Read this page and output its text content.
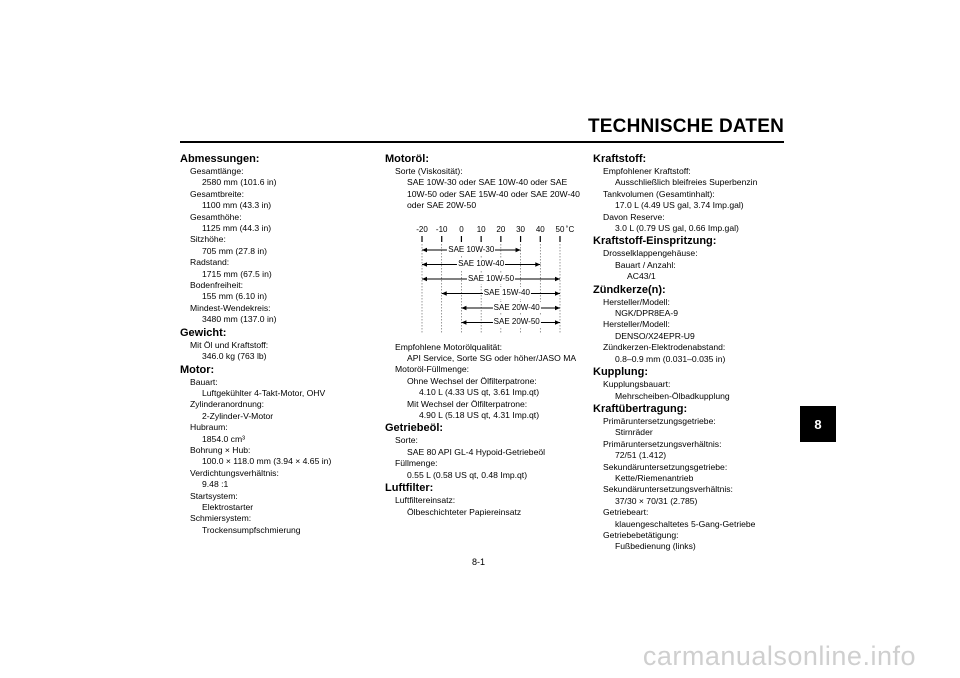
TECHNISCHE DATEN
Abmessungen:
Gesamtlänge:
2580 mm (101.6 in)
Gesamtbreite:
1100 mm (43.3 in)
Gesamthöhe:
1125 mm (44.3 in)
Sitzhöhe:
705 mm (27.8 in)
Radstand:
1715 mm (67.5 in)
Bodenfreiheit:
155 mm (6.10 in)
Mindest-Wendekreis:
3480 mm (137.0 in)
Gewicht:
Mit Öl und Kraftstoff:
346.0 kg (763 lb)
Motor:
Bauart:
Luftgekühlter 4-Takt-Motor, OHV
Zylinderanordnung:
2-Zylinder-V-Motor
Hubraum:
1854.0 cm³
Bohrung × Hub:
100.0 × 118.0 mm (3.94 × 4.65 in)
Verdichtungsverhältnis:
9.48 :1
Startsystem:
Elektrostarter
Schmiersystem:
Trockensumpfschmierung
Motoröl:
Sorte (Viskosität):
SAE 10W-30 oder SAE 10W-40 oder SAE 10W-50 oder SAE 15W-40 oder SAE 20W-40 oder SAE 20W-50
-20 -10 0 10 20 30 40 50 ˚C
SAE 10W-30
SAE 10W-40
SAE 10W-50
SAE 15W-40
SAE 20W-40
SAE 20W-50
Empfohlene Motorölqualität:
API Service, Sorte SG oder höher/JASO MA
Motoröl-Füllmenge:
Ohne Wechsel der Ölfilterpatrone:
4.10 L (4.33 US qt, 3.61 Imp.qt)
Mit Wechsel der Ölfilterpatrone:
4.90 L (5.18 US qt, 4.31 Imp.qt)
Getriebeöl:
Sorte:
SAE 80 API GL-4 Hypoid-Getriebeöl
Füllmenge:
0.55 L (0.58 US qt, 0.48 Imp.qt)
Luftfilter:
Luftfiltereinsatz:
Ölbeschichteter Papiereinsatz
Kraftstoff:
Empfohlener Kraftstoff:
Ausschließlich bleifreies Superbenzin
Tankvolumen (Gesamtinhalt):
17.0 L (4.49 US gal, 3.74 Imp.gal)
Davon Reserve:
3.0 L (0.79 US gal, 0.66 Imp.gal)
Kraftstoff-Einspritzung:
Drosselklappengehäuse:
Bauart / Anzahl:
AC43/1
Zündkerze(n):
Hersteller/Modell:
NGK/DPR8EA-9
Hersteller/Modell:
DENSO/X24EPR-U9
Zündkerzen-Elektrodenabstand:
0.8–0.9 mm (0.031–0.035 in)
Kupplung:
Kupplungsbauart:
Mehrscheiben-Ölbadkupplung
Kraftübertragung:
Primäruntersetzungsgetriebe:
Stirnräder
Primäruntersetzungsverhältnis:
72/51 (1.412)
Sekundäruntersetzungsgetriebe:
Kette/Riemenantrieb
Sekundäruntersetzungsverhältnis:
37/30 × 70/31 (2.785)
Getriebeart:
klauengeschaltetes 5-Gang-Getriebe
Getriebebetätigung:
Fußbedienung (links)
8-1
8
carmanualsonline.info
